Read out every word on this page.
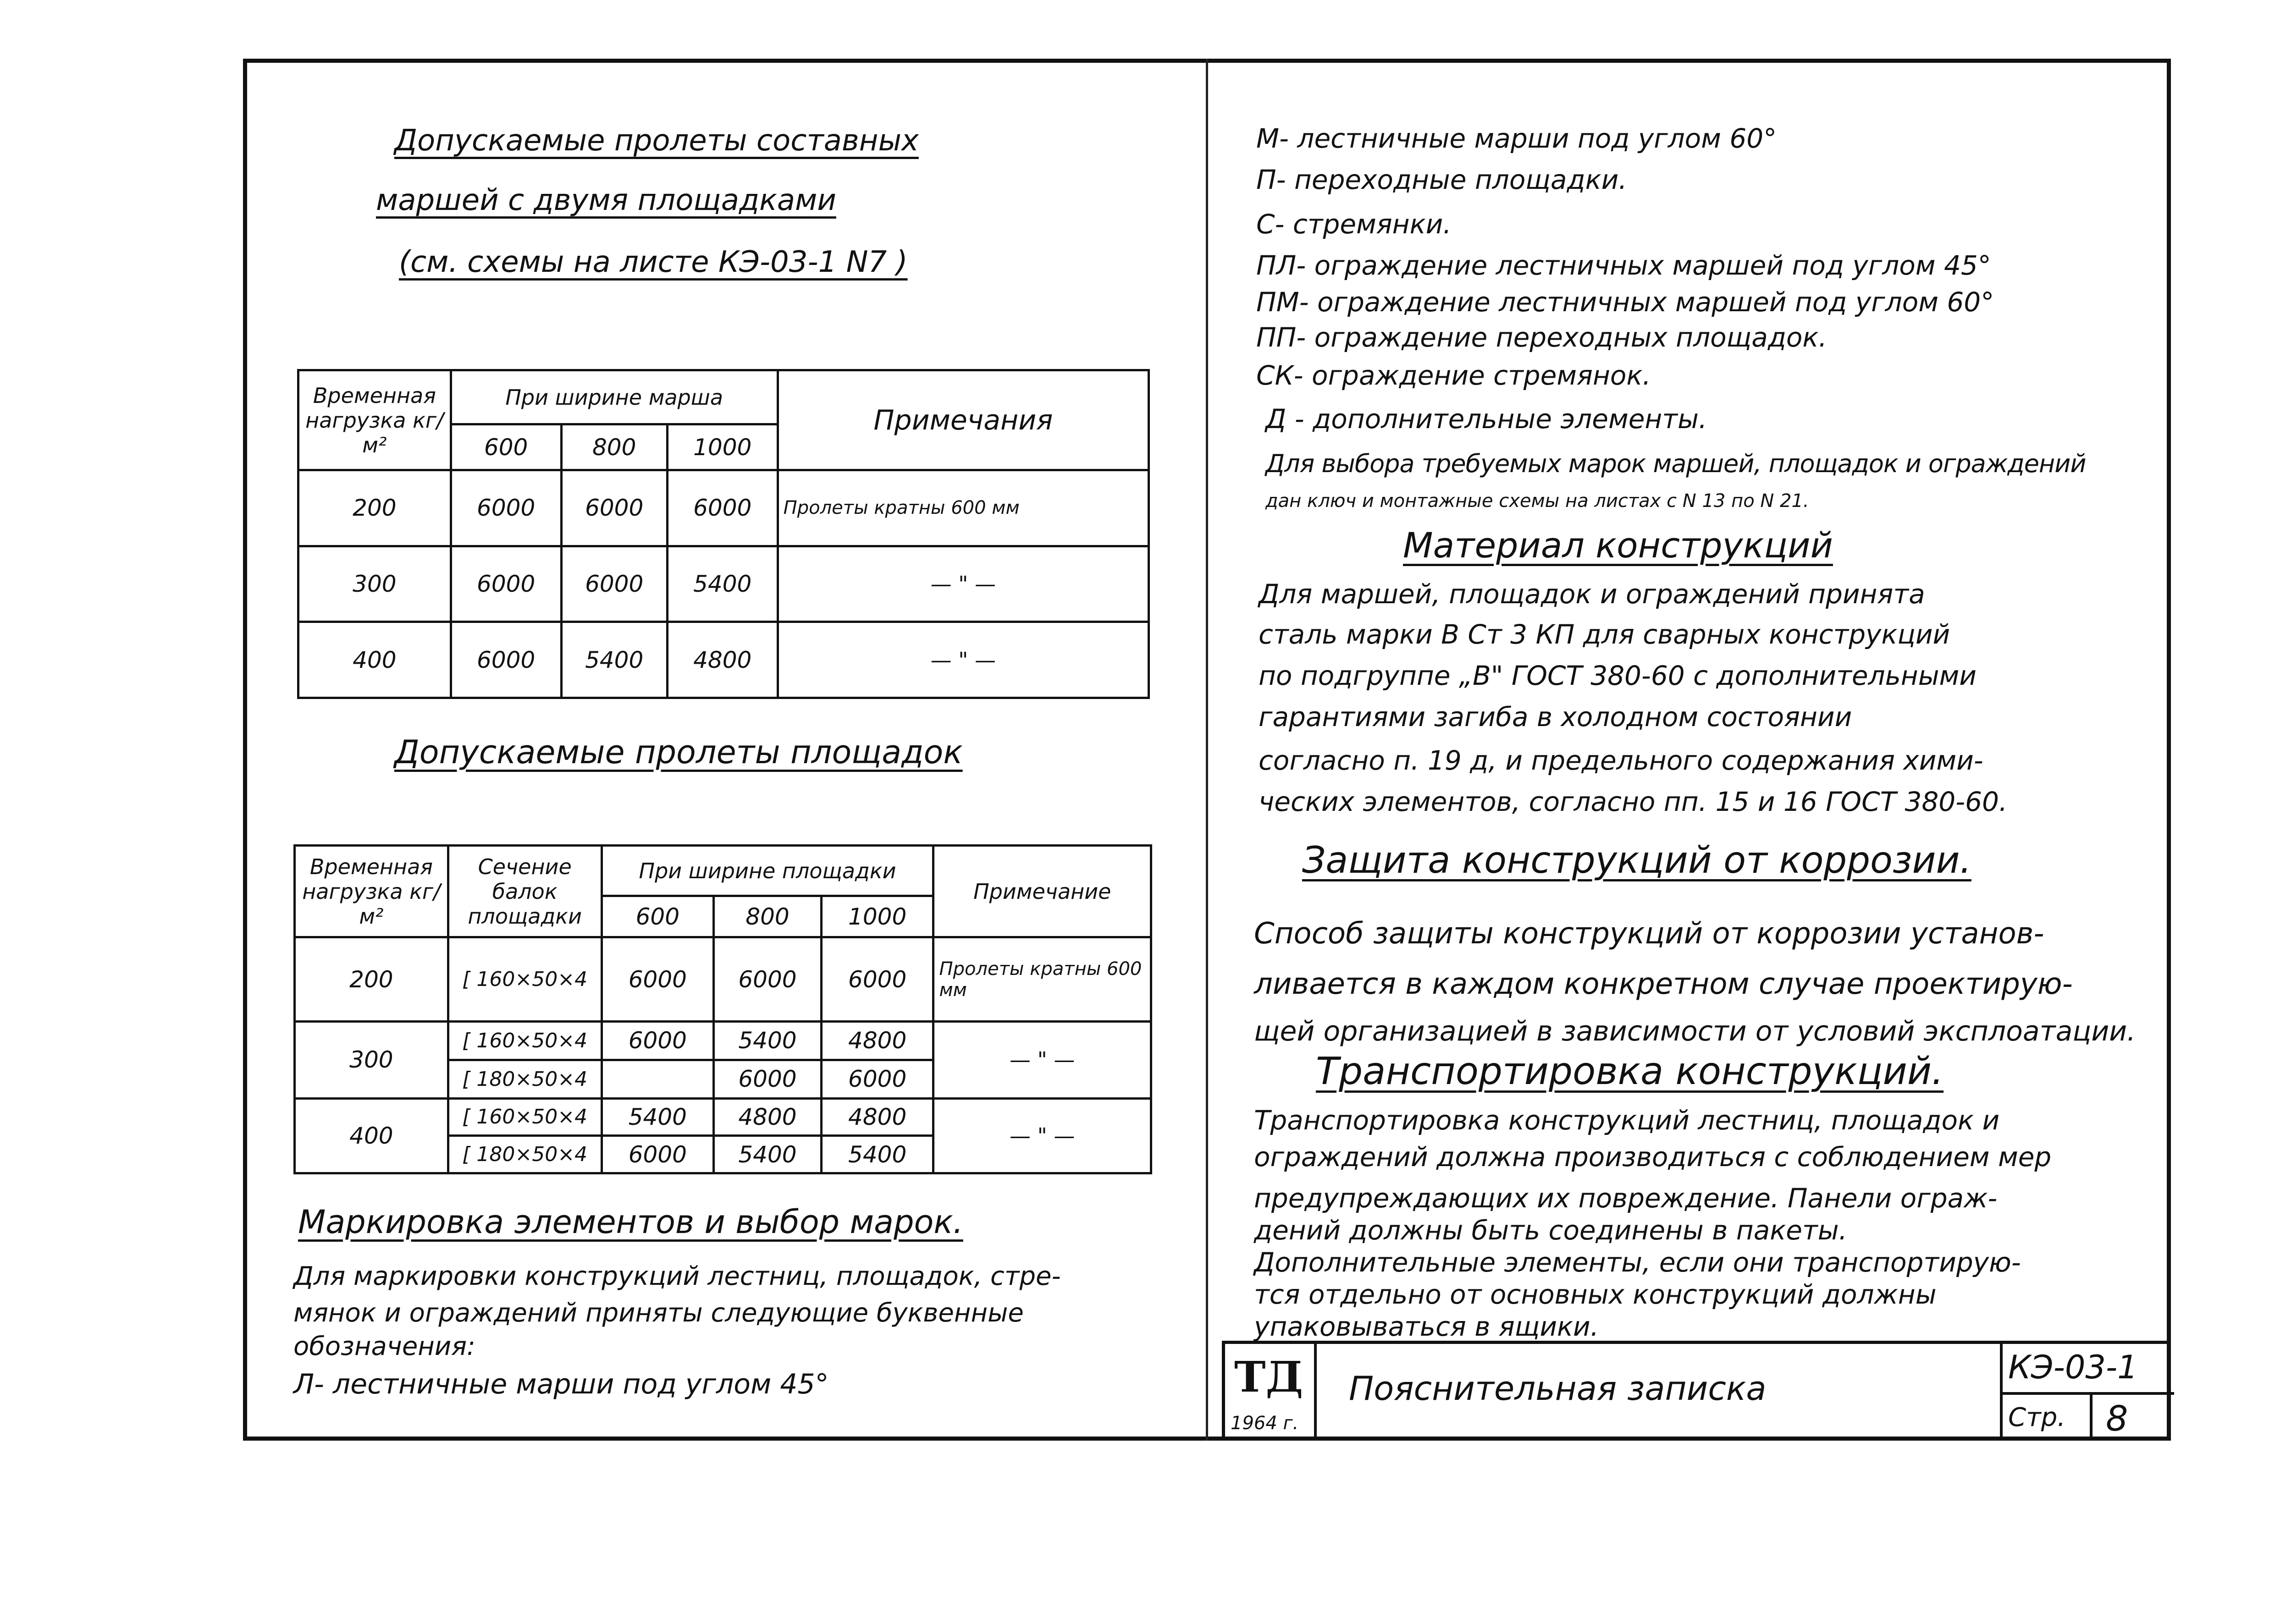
Допускаемые пролеты составных
маршей с двумя площадками
(см. схемы на листе КЭ-03-1 N7 )
Временная нагрузка кг/м²	При ширине марша			Примечания
	600	800	1000	
200	6000	6000	6000	Пролеты кратны 600 мм
300	6000	6000	5400	— " —
400	6000	5400	4800	— " —
Допускаемые пролеты площадок
Временная нагрузка кг/м²	Сечение балок площадки	При ширине площадки			Примечание
		600	800	1000	
200	[ 160×50×4	6000	6000	6000	Пролеты кратны 600 мм
300	[ 160×50×4	6000	5400	4800	— " —
	[ 180×50×4		6000	6000	
400	[ 160×50×4	5400	4800	4800	— " —
	[ 180×50×4	6000	5400	5400	
Маркировка элементов и выбор марок.
Для маркировки конструкций лестниц, площадок, стре-
мянок и ограждений приняты следующие буквенные
обозначения:
Л- лестничные марши под углом 45°
М- лестничные марши под углом 60°
П- переходные площадки.
С- стремянки.
ПЛ- ограждение лестничных маршей под углом 45°
ПМ- ограждение лестничных маршей под углом 60°
ПП- ограждение переходных площадок.
СК- ограждение стремянок.
Д - дополнительные элементы.
Для выбора требуемых марок маршей, площадок и ограждений
дан ключ и монтажные схемы на листах с N 13 по N 21.
Материал конструкций
Для маршей, площадок и ограждений принята
сталь марки В Ст 3 КП для сварных конструкций
по подгруппе „В" ГОСТ 380-60 с дополнительными
гарантиями загиба в холодном состоянии
согласно п. 19 д, и предельного содержания хими-
ческих элементов, согласно пп. 15 и 16 ГОСТ 380-60.
Защита конструкций от коррозии.
Способ защиты конструкций от коррозии установ-
ливается в каждом конкретном случае проектирую-
щей организацией в зависимости от условий эксплоатации.
Транспортировка конструкций.
Транспортировка конструкций лестниц, площадок и
ограждений должна производиться с соблюдением мер
предупреждающих их повреждение. Панели ограж-
дений должны быть соединены в пакеты.
Дополнительные элементы, если они транспортирую-
тся отдельно от основных конструкций должны
упаковываться в ящики.
ТД
1964 г.
Пояснительная записка
КЭ-03-1
Стр. 8
